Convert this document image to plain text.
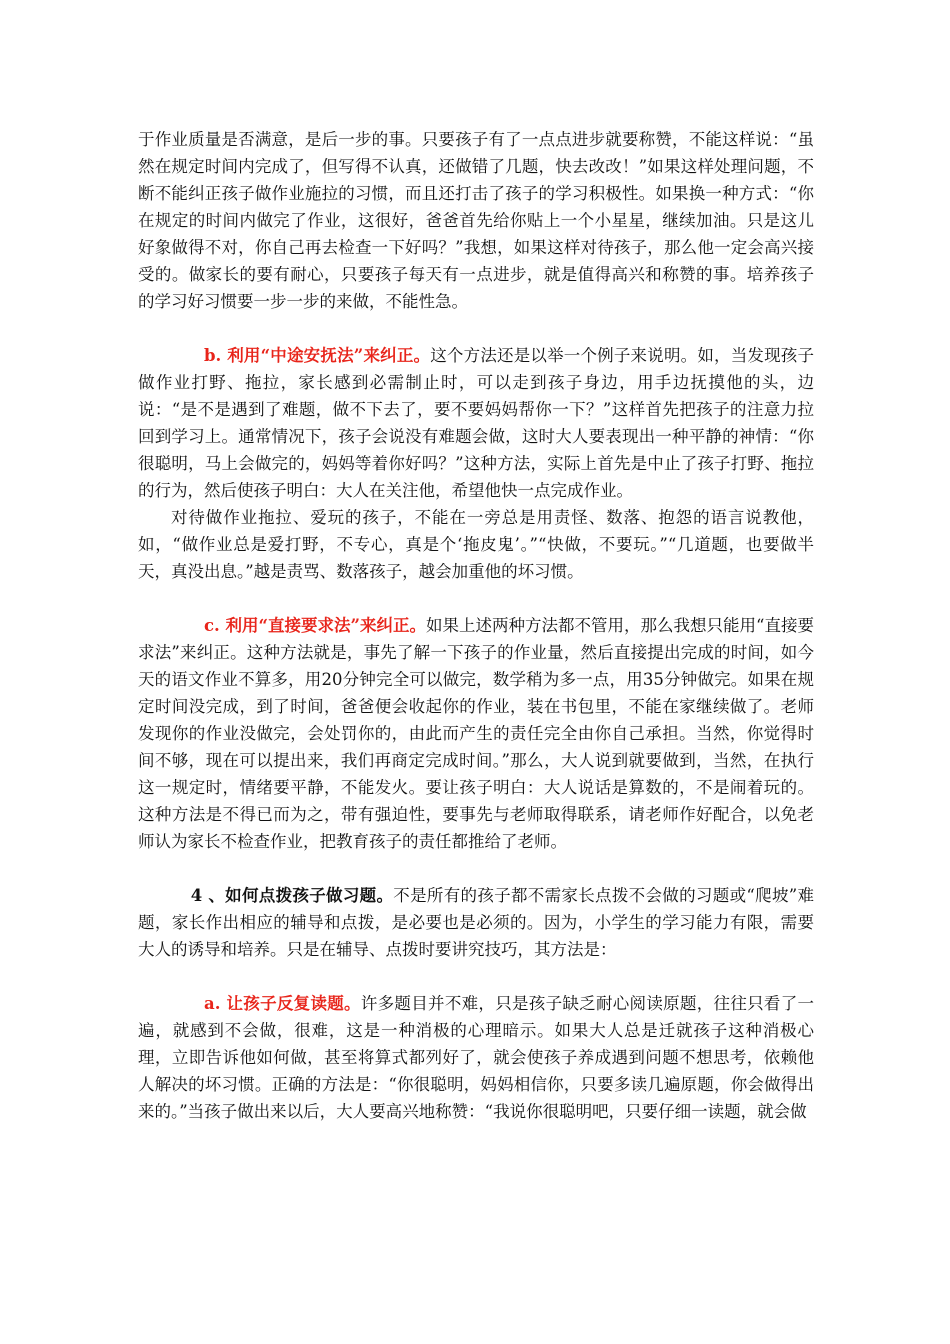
于作业质量是否满意，是后一步的事。只要孩子有了一点点进步就要称赞，不能这样说：“虽然在规定时间内完成了，但写得不认真，还做错了几题，快去改改！”如果这样处理问题，不断不能纠正孩子做作业施拉的习惯，而且还打击了孩子的学习积极性。如果换一种方式：“你在规定的时间内做完了作业，这很好，爸爸首先给你贴上一个小星星，继续加油。只是这儿好象做得不对，你自己再去检查一下好吗？”我想，如果这样对待孩子，那么他一定会高兴接受的。做家长的要有耐心，只要孩子每天有一点进步，就是值得高兴和称赞的事。培养孩子的学习好习惯要一步一步的来做，不能性急。

b. 利用“中途安抚法”来纠正。这个方法还是以举一个例子来说明。如，当发现孩子做作业打野、拖拉，家长感到必需制止时，可以走到孩子身边，用手边抚摸他的头，边说：“是不是遇到了难题，做不下去了，要不要妈妈帮你一下？”这样首先把孩子的注意力拉回到学习上。通常情况下，孩子会说没有难题会做，这时大人要表现出一种平静的神情：“你很聪明，马上会做完的，妈妈等着你好吗？”这种方法，实际上首先是中止了孩子打野、拖拉的行为，然后使孩子明白：大人在关注他，希望他快一点完成作业。

对待做作业拖拉、爱玩的孩子，不能在一旁总是用责怪、数落、抱怨的语言说教他，如，“做作业总是爱打野，不专心，真是个‘拖皮鬼’。”“快做，不要玩。”“几道题，也要做半天，真没出息。”越是责骂、数落孩子，越会加重他的坏习惯。

c. 利用“直接要求法”来纠正。如果上述两种方法都不管用，那么我想只能用“直接要求法”来纠正。这种方法就是，事先了解一下孩子的作业量，然后直接提出完成的时间，如今天的语文作业不算多，用20分钟完全可以做完，数学稍为多一点，用35分钟做完。如果在规定时间没完成，到了时间，爸爸便会收起你的作业，装在书包里，不能在家继续做了。老师发现你的作业没做完，会处罚你的，由此而产生的责任完全由你自己承担。当然，你觉得时间不够，现在可以提出来，我们再商定完成时间。”那么，大人说到就要做到，当然，在执行这一规定时，情绪要平静，不能发火。要让孩子明白：大人说话是算数的，不是闹着玩的。这种方法是不得已而为之，带有强迫性，要事先与老师取得联系，请老师作好配合，以免老师认为家长不检查作业，把教育孩子的责任都推给了老师。

4 、如何点拨孩子做习题。不是所有的孩子都不需家长点拨不会做的习题或“爬坡”难题，家长作出相应的辅导和点拨，是必要也是必须的。因为，小学生的学习能力有限，需要大人的诱导和培养。只是在辅导、点拨时要讲究技巧，其方法是：

a. 让孩子反复读题。许多题目并不难，只是孩子缺乏耐心阅读原题，往往只看了一遍，就感到不会做，很难，这是一种消极的心理暗示。如果大人总是迁就孩子这种消极心理，立即告诉他如何做，甚至将算式都列好了，就会使孩子养成遇到问题不想思考，依赖他人解决的坏习惯。正确的方法是：“你很聪明，妈妈相信你，只要多读几遍原题，你会做得出来的。”当孩子做出来以后，大人要高兴地称赞：“我说你很聪明吧，只要仔细一读题，就会做
